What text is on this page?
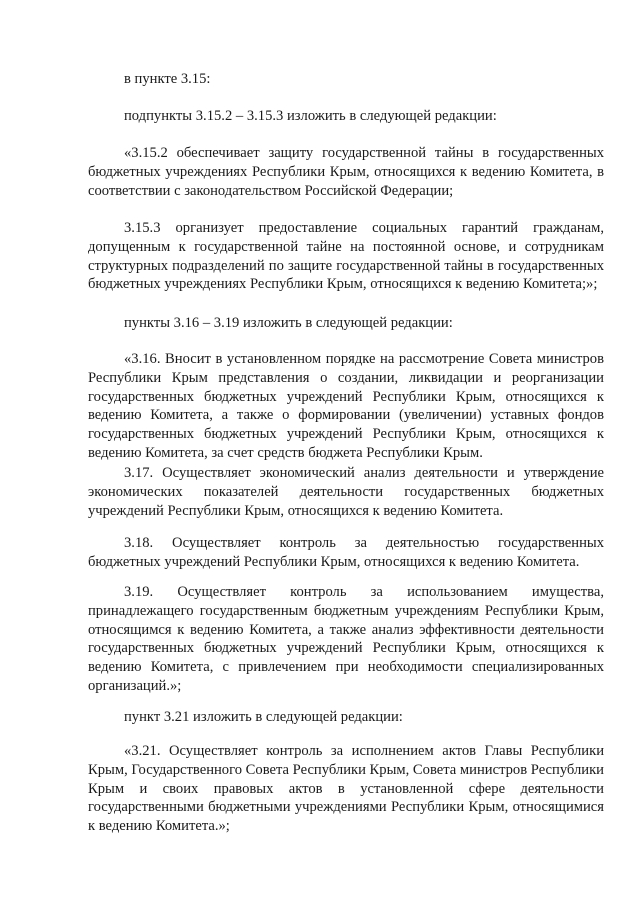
в пункте 3.15:

подпункты 3.15.2 – 3.15.3 изложить в следующей редакции:

«3.15.2 обеспечивает защиту государственной тайны в государственных бюджетных учреждениях Республики Крым, относящихся к ведению Комитета, в соответствии с законодательством Российской Федерации;

3.15.3 организует предоставление социальных гарантий гражданам, допущенным к государственной тайне на постоянной основе, и сотрудникам структурных подразделений по защите государственной тайны в государственных бюджетных учреждениях Республики Крым, относящихся к ведению Комитета;»;

пункты 3.16 – 3.19 изложить в следующей редакции:

«3.16. Вносит в установленном порядке на рассмотрение Совета министров Республики Крым представления о создании, ликвидации и реорганизации государственных бюджетных учреждений Республики Крым, относящихся к ведению Комитета, а также о формировании (увеличении) уставных фондов государственных бюджетных учреждений Республики Крым, относящихся к ведению Комитета, за счет средств бюджета Республики Крым.

3.17. Осуществляет экономический анализ деятельности и утверждение экономических показателей деятельности государственных бюджетных учреждений Республики Крым, относящихся к ведению Комитета.

3.18. Осуществляет контроль за деятельностью государственных бюджетных учреждений Республики Крым, относящихся к ведению Комитета.

3.19. Осуществляет контроль за использованием имущества, принадлежащего государственным бюджетным учреждениям Республики Крым, относящимся к ведению Комитета, а также анализ эффективности деятельности государственных бюджетных учреждений Республики Крым, относящихся к ведению Комитета, с привлечением при необходимости специализированных организаций.»;

пункт 3.21 изложить в следующей редакции:

«3.21. Осуществляет контроль за исполнением актов Главы Республики Крым, Государственного Совета Республики Крым, Совета министров Республики Крым и своих правовых актов в установленной сфере деятельности государственными бюджетными учреждениями Республики Крым, относящимися к ведению Комитета.»;
